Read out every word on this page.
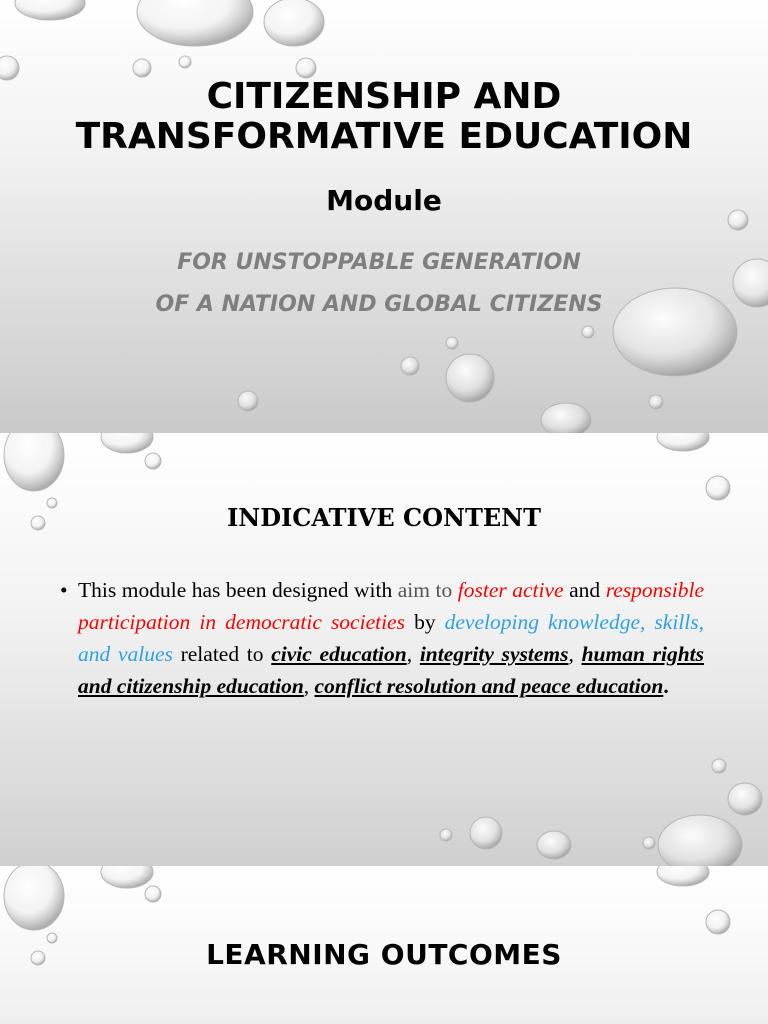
CITIZENSHIP AND
TRANSFORMATIVE EDUCATION
Module
FOR UNSTOPPABLE GENERATION
OF A NATION AND GLOBAL CITIZENS
INDICATIVE CONTENT
• This module has been designed with aim to foster active and responsible participation in democratic societies by developing knowledge, skills, and values related to civic education, integrity systems, human rights and citizenship education, conflict resolution and peace education.

LEARNING OUTCOMES
